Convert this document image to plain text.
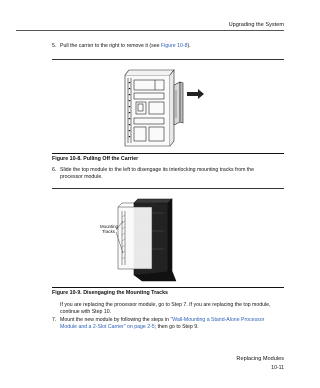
Upgrading the System
5. Pull the carrier to the right to remove it (see Figure 10-8).
Figure 10-8. Pulling Off the Carrier
6. Slide the top module to the left to disengage its interlocking mounting tracks from the
processor module.
Mounting
Tracks
Figure 10-9. Disengaging the Mounting Tracks
If you are replacing the processor module, go to Step 7. If you are replacing the top module,
continue with Step 10.
7. Mount the new module by following the steps in "Wall-Mounting a Stand-Alone Processor
Module and a 2-Slot Carrier" on page 2-5; then go to Step 9.
Replacing Modules
10-11
